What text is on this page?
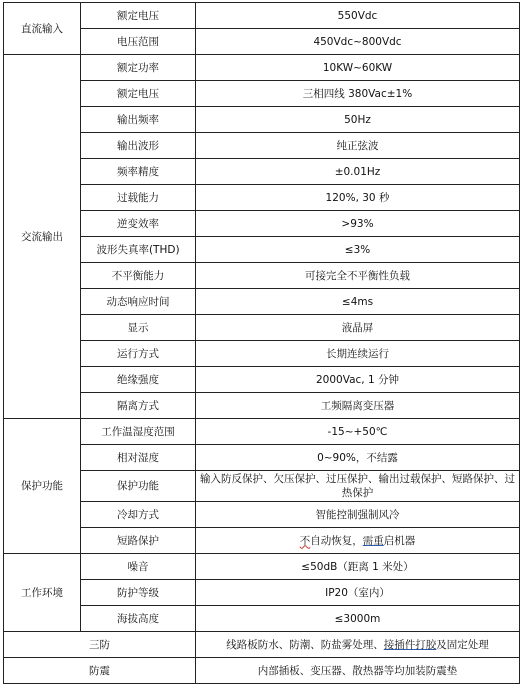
直流输入	额定电压	550Vdc
	电压范围	450Vdc~800Vdc
交流输出	额定功率	10KW~60KW
	额定电压	三相四线 380Vac±1%
	输出频率	50Hz
	输出波形	纯正弦波
	频率精度	±0.01Hz
	过载能力	120%, 30 秒
	逆变效率	>93%
	波形失真率(THD)	≤3%
	不平衡能力	可接完全不平衡性负载
	动态响应时间	≤4ms
	显示	液晶屏
	运行方式	长期连续运行
	绝缘强度	2000Vac, 1 分钟
	隔离方式	工频隔离变压器
保护功能	工作温湿度范围	-15~+50℃
	相对湿度	0~90%，不结露
	保护功能	输入防反保护、欠压保护、过压保护、输出过载保护、短路保护、过热保护
	冷却方式	智能控制强制风冷
	短路保护	不自动恢复，需重启机器
工作环境	噪音	≤50dB（距离 1 米处）
	防护等级	IP20（室内）
	海拔高度	≤3000m
三防		线路板防水、防潮、防盐雾处理、接插件打胶及固定处理
防震		内部插板、变压器、散热器等均加装防震垫
